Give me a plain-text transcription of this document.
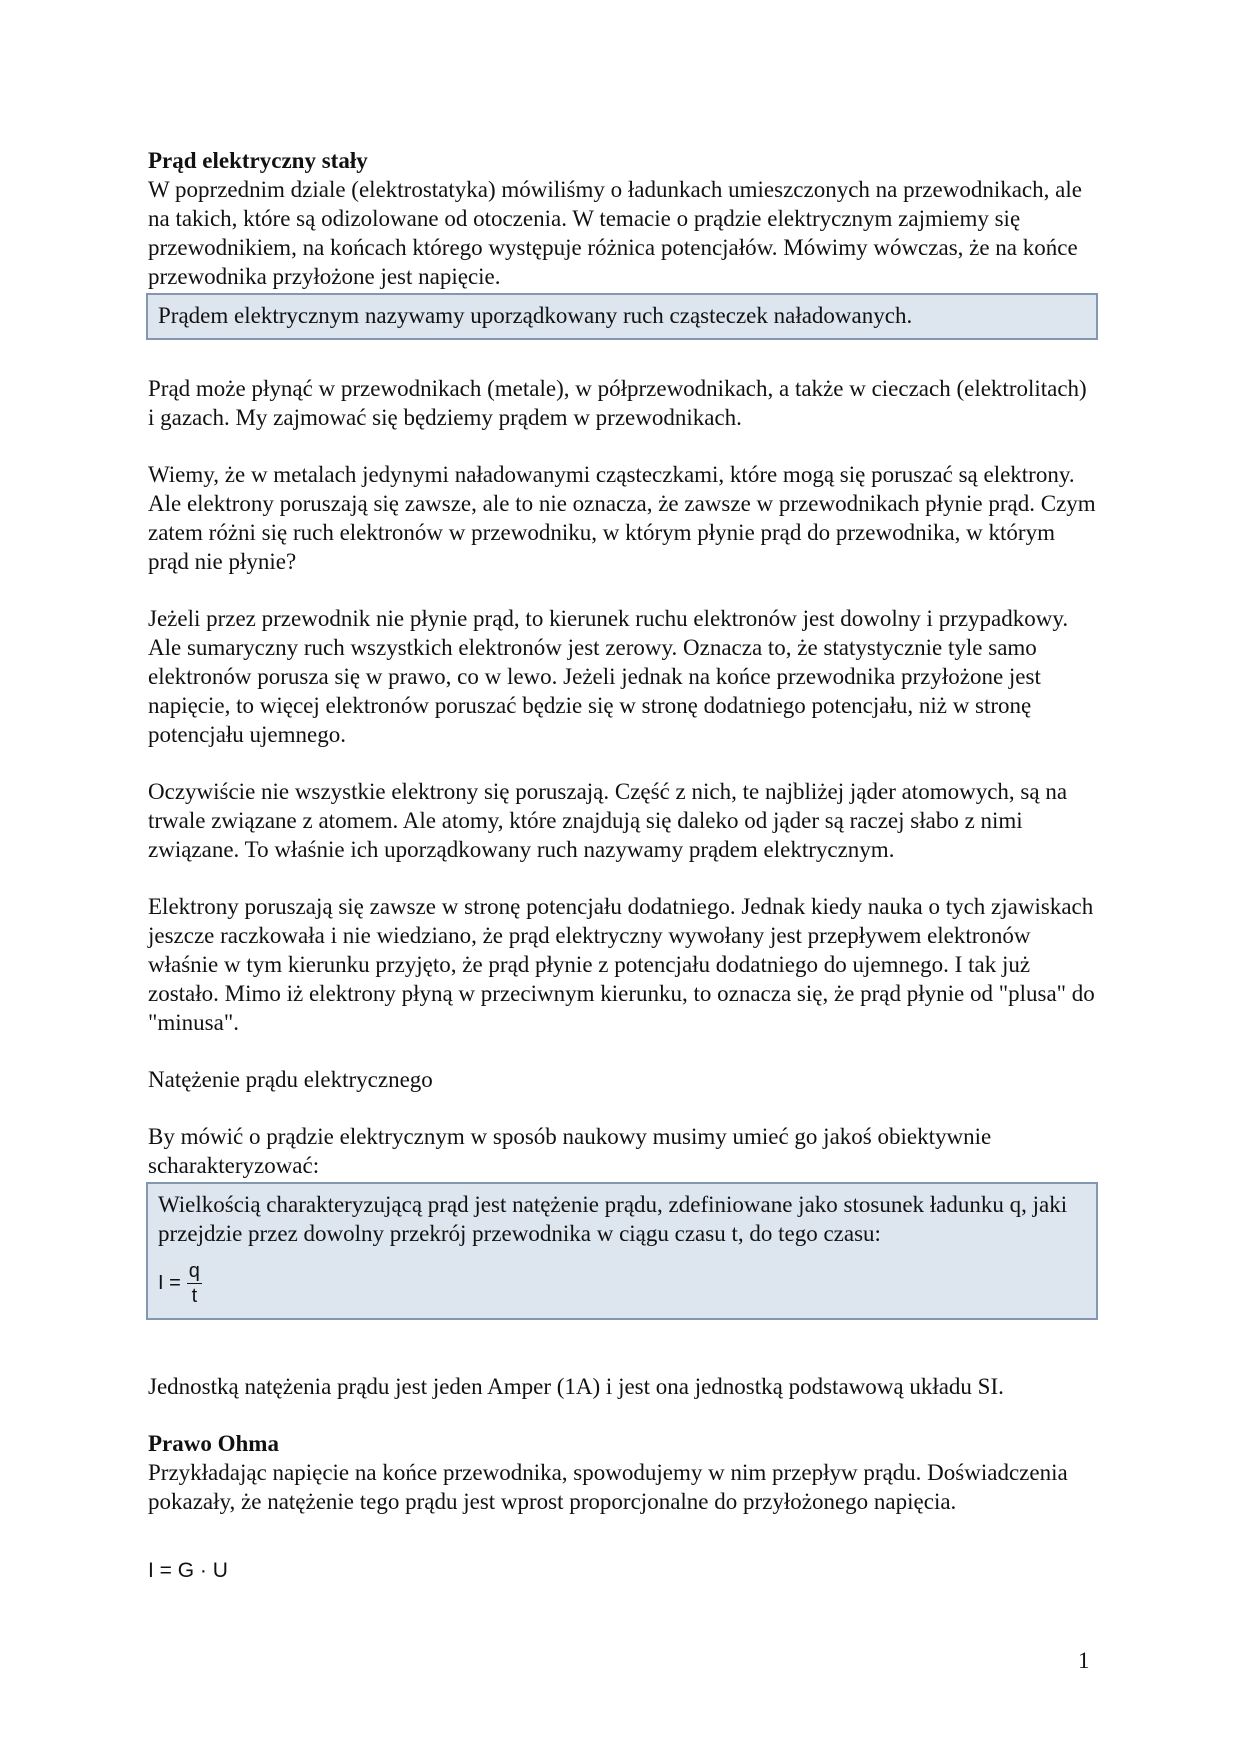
Prąd elektryczny stały

W poprzednim dziale (elektrostatyka) mówiliśmy o ładunkach umieszczonych na przewodnikach, ale na takich, które są odizolowane od otoczenia. W temacie o prądzie elektrycznym zajmiemy się przewodnikiem, na końcach którego występuje różnica potencjałów. Mówimy wówczas, że na końce przewodnika przyłożone jest napięcie.

Prądem elektrycznym nazywamy uporządkowany ruch cząsteczek naładowanych.

Prąd może płynąć w przewodnikach (metale), w półprzewodnikach, a także w cieczach (elektrolitach) i gazach. My zajmować się będziemy prądem w przewodnikach.

Wiemy, że w metalach jedynymi naładowanymi cząsteczkami, które mogą się poruszać są elektrony. Ale elektrony poruszają się zawsze, ale to nie oznacza, że zawsze w przewodnikach płynie prąd. Czym zatem różni się ruch elektronów w przewodniku, w którym płynie prąd do przewodnika, w którym prąd nie płynie?

Jeżeli przez przewodnik nie płynie prąd, to kierunek ruchu elektronów jest dowolny i przypadkowy. Ale sumaryczny ruch wszystkich elektronów jest zerowy. Oznacza to, że statystycznie tyle samo elektronów porusza się w prawo, co w lewo. Jeżeli jednak na końce przewodnika przyłożone jest napięcie, to więcej elektronów poruszać będzie się w stronę dodatniego potencjału, niż w stronę potencjału ujemnego.

Oczywiście nie wszystkie elektrony się poruszają. Część z nich, te najbliżej jąder atomowych, są na trwale związane z atomem. Ale atomy, które znajdują się daleko od jąder są raczej słabo z nimi związane. To właśnie ich uporządkowany ruch nazywamy prądem elektrycznym.

Elektrony poruszają się zawsze w stronę potencjału dodatniego. Jednak kiedy nauka o tych zjawiskach jeszcze raczkowała i nie wiedziano, że prąd elektryczny wywołany jest przepływem elektronów właśnie w tym kierunku przyjęto, że prąd płynie z potencjału dodatniego do ujemnego. I tak już zostało. Mimo iż elektrony płyną w przeciwnym kierunku, to oznacza się, że prąd płynie od "plusa" do "minusa".

Natężenie prądu elektrycznego

By mówić o prądzie elektrycznym w sposób naukowy musimy umieć go jakoś obiektywnie scharakteryzować:

Wielkością charakteryzującą prąd jest natężenie prądu, zdefiniowane jako stosunek ładunku q, jaki przejdzie przez dowolny przekrój przewodnika w ciągu czasu t, do tego czasu:

$I = \frac{q}{t}$

Jednostką natężenia prądu jest jeden Amper (1A) i jest ona jednostką podstawową układu SI.

Prawo Ohma

Przykładając napięcie na końce przewodnika, spowodujemy w nim przepływ prądu. Doświadczenia pokazały, że natężenie tego prądu jest wprost proporcjonalne do przyłożonego napięcia.

I = G · U

1
